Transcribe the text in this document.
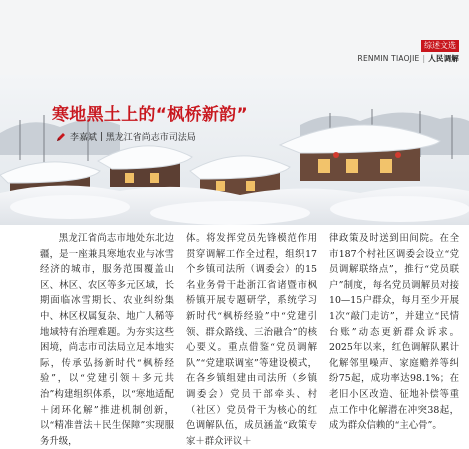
综述文选
RENMIN TIAOJIE | 人民调解
寒地黑土上的“枫桥新韵”
李嘉斌 | 黑龙江省尚志市司法局

黑龙江省尚志市地处东北边疆，是一座兼具寒地农业与冰雪经济的城市，服务范围覆盖山区、林区、农区等多元区域，长期面临冰雪期长、农业纠纷集中、林区权属复杂、地广人稀等地域特有治理难题。为夯实这些困境，尚志市司法局立足本地实际，传承弘扬新时代“枫桥经验”，以“党建引领＋多元共治”构建组织体系，以“寒地适配＋闭环化解”推进机制创新，以“精准普法＋民生保障”实现服务升级，

体。将发挥党员先锋模范作用贯穿调解工作全过程，组织17个乡镇司法所（调委会）的15名业务骨干赴浙江省诸暨市枫桥镇开展专题研学，系统学习新时代“枫桥经验”中“党建引领、群众路线、三治融合”的核心要义。重点借鉴“党员调解队”“党建联调室”等建设模式，在各乡镇组建由司法所（乡镇调委会）党员干部牵头、村（社区）党员骨干为核心的红色调解队伍，成员涵盖“政策专家＋群众评议＋

律政策及时送到田间院。在全市187个村社区调委会设立“党员调解联络点”，推行“党员联户”制度，每名党员调解员对接10—15户群众，每月至少开展1次“敲门走访”，并建立“民情台账”动态更新群众诉求。2025年以来，红色调解队累计化解邻里噪声、家庭赡养等纠纷75起，成功率达98.1%；在老旧小区改造、征地补偿等重点工作中化解潜在冲突38起，成为群众信赖的“主心骨”。
